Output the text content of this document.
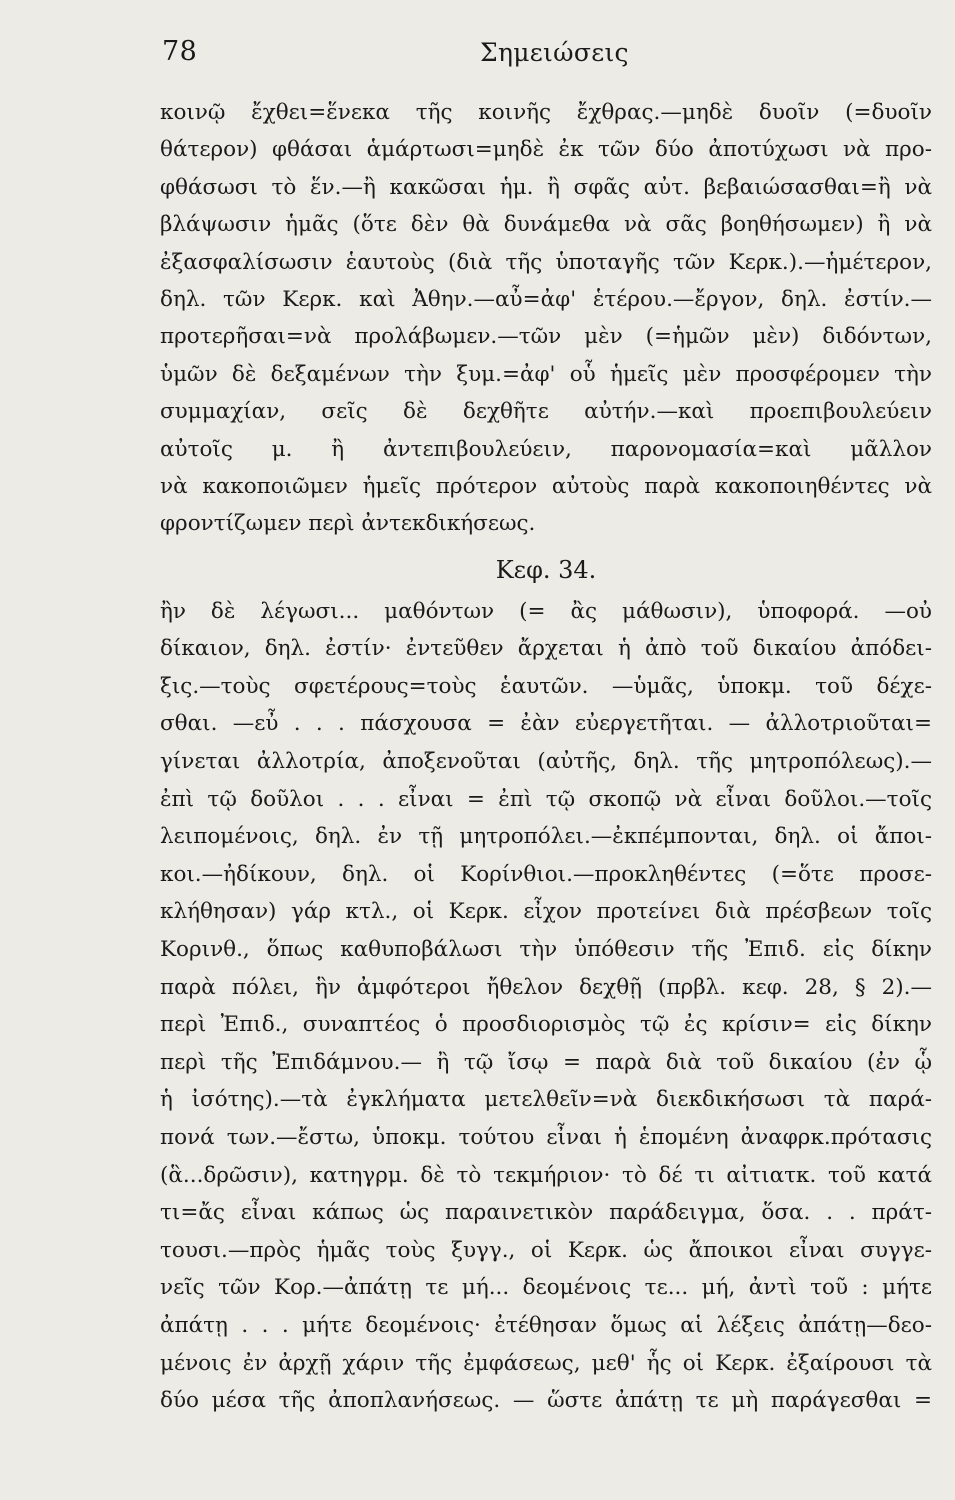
78	Σημειώσεις
κοινῷ ἔχθει=ἕνεκα τῆς κοινῆς ἔχθρας.—μηδὲ δυοῖν (=δυοῖν
θάτερον) φθάσαι ἁμάρτωσι=μηδὲ ἐκ τῶν δύο ἀποτύχωσι νὰ προ-
φθάσωσι τὸ ἕν.—ἢ κακῶσαι ἡμ. ἢ σφᾶς αὐτ. βεβαιώσασθαι=ἢ νὰ
βλάψωσιν ἡμᾶς (ὅτε δὲν θὰ δυνάμεθα νὰ σᾶς βοηθήσωμεν) ἢ νὰ
ἐξασφαλίσωσιν ἑαυτοὺς (διὰ τῆς ὑποταγῆς τῶν Κερκ.).—ἡμέτερον,
δηλ. τῶν Κερκ. καὶ Ἀθην.—αὖ=ἀφ' ἑτέρου.—ἔργον, δηλ. ἐστίν.—
προτερῆσαι=νὰ προλάβωμεν.—τῶν μὲν (=ἡμῶν μὲν) διδόντων,
ὑμῶν δὲ δεξαμένων τὴν ξυμ.=ἀφ' οὗ ἡμεῖς μὲν προσφέρομεν τὴν
συμμαχίαν, σεῖς δὲ δεχθῆτε αὐτήν.—καὶ προεπιβουλεύειν
αὐτοῖς μ. ἢ ἀντεπιβουλεύειν, παρονομασία=καὶ μᾶλλον
νὰ κακοποιῶμεν ἡμεῖς πρότερον αὐτοὺς παρὰ κακοποιηθέντες νὰ
φροντίζωμεν περὶ ἀντεκδικήσεως.
Κεφ. 34.
ἢν δὲ λέγωσι... μαθόντων (= ἂς μάθωσιν), ὑποφορά. —οὐ
δίκαιον, δηλ. ἐστίν· ἐντεῦθεν ἄρχεται ἡ ἀπὸ τοῦ δικαίου ἀπόδει-
ξις.—τοὺς σφετέρους=τοὺς ἑαυτῶν. —ὑμᾶς, ὑποκμ. τοῦ δέχε-
σθαι. —εὖ . . . πάσχουσα = ἐὰν εὐεργετῆται. — ἀλλοτριοῦται=
γίνεται ἀλλοτρία, ἀποξενοῦται (αὐτῆς, δηλ. τῆς μητροπόλεως).—
ἐπὶ τῷ δοῦλοι . . . εἶναι = ἐπὶ τῷ σκοπῷ νὰ εἶναι δοῦλοι.—τοῖς
λειπομένοις, δηλ. ἐν τῇ μητροπόλει.—ἐκπέμπονται, δηλ. οἱ ἄποι-
κοι.—ἠδίκουν, δηλ. οἱ Κορίνθιοι.—προκληθέντες (=ὅτε προσε-
κλήθησαν) γάρ κτλ., οἱ Κερκ. εἶχον προτείνει διὰ πρέσβεων τοῖς
Κορινθ., ὅπως καθυποβάλωσι τὴν ὑπόθεσιν τῆς Ἐπιδ. εἰς δίκην
παρὰ πόλει, ἣν ἀμφότεροι ἤθελον δεχθῇ (πρβλ. κεφ. 28, § 2).—
περὶ Ἐπιδ., συναπτέος ὁ προσδιορισμὸς τῷ ἐς κρίσιν= εἰς δίκην
περὶ τῆς Ἐπιδάμνου.— ἢ τῷ ἴσῳ = παρὰ διὰ τοῦ δικαίου (ἐν ᾧ
ἡ ἰσότης).—τὰ ἐγκλήματα μετελθεῖν=νὰ διεκδικήσωσι τὰ παρά-
πονά των.—ἔστω, ὑποκμ. τούτου εἶναι ἡ ἑπομένη ἀναφρκ.πρότασις
(ἃ...δρῶσιν), κατηγρμ. δὲ τὸ τεκμήριον· τὸ δέ τι αἰτιατκ. τοῦ κατά
τι=ἄς εἶναι κάπως ὡς παραινετικὸν παράδειγμα, ὅσα. . . πράτ-
τουσι.—πρὸς ἡμᾶς τοὺς ξυγγ., οἱ Κερκ. ὡς ἄποικοι εἶναι συγγε-
νεῖς τῶν Κορ.—ἀπάτῃ τε μή... δεομένοις τε... μή, ἀντὶ τοῦ : μήτε
ἀπάτῃ . . . μήτε δεομένοις· ἐτέθησαν ὅμως αἱ λέξεις ἀπάτῃ—δεο-
μένοις ἐν ἀρχῇ χάριν τῆς ἐμφάσεως, μεθ' ἧς οἱ Κερκ. ἐξαίρουσι τὰ
δύο μέσα τῆς ἀποπλανήσεως. — ὥστε ἀπάτῃ τε μὴ παράγεσθαι =
